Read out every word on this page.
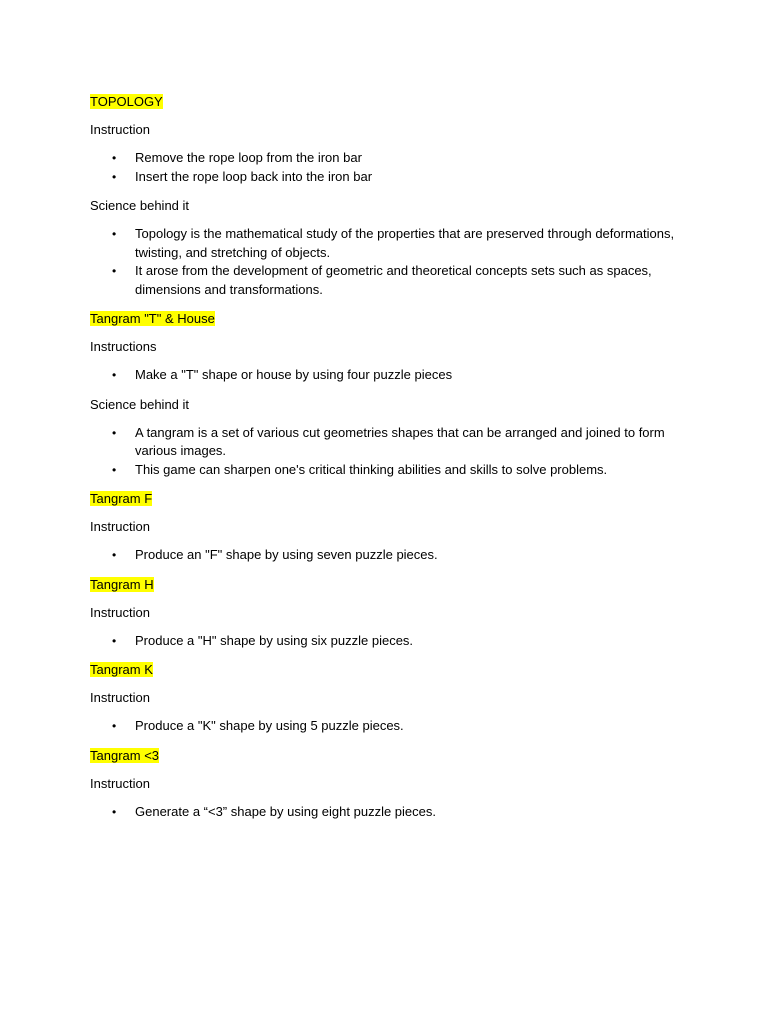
TOPOLOGY

Instruction

• Remove the rope loop from the iron bar
• Insert the rope loop back into the iron bar

Science behind it

• Topology is the mathematical study of the properties that are preserved through deformations, twisting, and stretching of objects.
• It arose from the development of geometric and theoretical concepts sets such as spaces, dimensions and transformations.

Tangram "T" & House

Instructions

• Make a "T" shape or house by using four puzzle pieces

Science behind it

• A tangram is a set of various cut geometries shapes that can be arranged and joined to form various images.
• This game can sharpen one's critical thinking abilities and skills to solve problems.

Tangram F

Instruction

• Produce an "F" shape by using seven puzzle pieces.

Tangram H

Instruction

• Produce a "H" shape by using six puzzle pieces.

Tangram K

Instruction

• Produce a "K" shape by using 5 puzzle pieces.

Tangram <3

Instruction

• Generate a “<3” shape by using eight puzzle pieces.
